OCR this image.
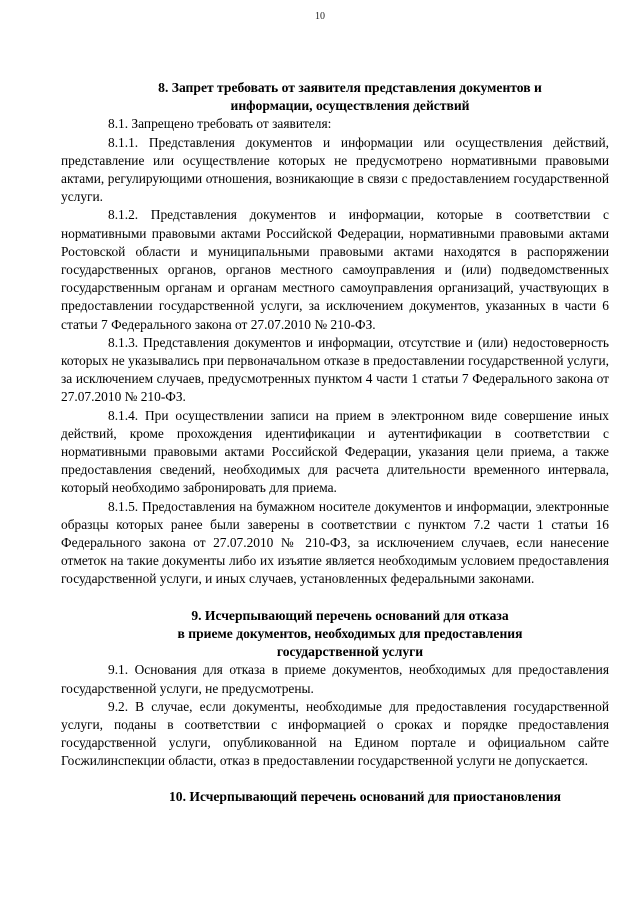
10
8. Запрет требовать от заявителя представления документов и
информации, осуществления действий

8.1. Запрещено требовать от заявителя:

8.1.1. Представления документов и информации или осуществления действий, представление или осуществление которых не предусмотрено нормативными правовыми актами, регулирующими отношения, возникающие в связи с предоставлением государственной услуги.

8.1.2. Представления документов и информации, которые в соответствии с нормативными правовыми актами Российской Федерации, нормативными правовыми актами Ростовской области и муниципальными правовыми актами находятся в распоряжении государственных органов, органов местного самоуправления и (или) подведомственных государственным органам и органам местного самоуправления организаций, участвующих в предоставлении государственной услуги, за исключением документов, указанных в части 6 статьи 7 Федерального закона от 27.07.2010 № 210-ФЗ.

8.1.3. Представления документов и информации, отсутствие и (или) недостоверность которых не указывались при первоначальном отказе в предоставлении государственной услуги, за исключением случаев, предусмотренных пунктом 4 части 1 статьи 7 Федерального закона от 27.07.2010 № 210-ФЗ.

8.1.4. При осуществлении записи на прием в электронном виде совершение иных действий, кроме прохождения идентификации и аутентификации в соответствии с нормативными правовыми актами Российской Федерации, указания цели приема, а также предоставления сведений, необходимых для расчета длительности временного интервала, который необходимо забронировать для приема.

8.1.5. Предоставления на бумажном носителе документов и информации, электронные образцы которых ранее были заверены в соответствии с пунктом 7.2 части 1 статьи 16 Федерального закона от 27.07.2010 № 210-ФЗ, за исключением случаев, если нанесение отметок на такие документы либо их изъятие является необходимым условием предоставления государственной услуги, и иных случаев, установленных федеральными законами.

9. Исчерпывающий перечень оснований для отказа
в приеме документов, необходимых для предоставления
государственной услуги

9.1. Основания для отказа в приеме документов, необходимых для предоставления государственной услуги, не предусмотрены.

9.2. В случае, если документы, необходимые для предоставления государственной услуги, поданы в соответствии с информацией о сроках и порядке предоставления государственной услуги, опубликованной на Едином портале и официальном сайте Госжилинспекции области, отказ в предоставлении государственной услуги не допускается.

10. Исчерпывающий перечень оснований для приостановления
